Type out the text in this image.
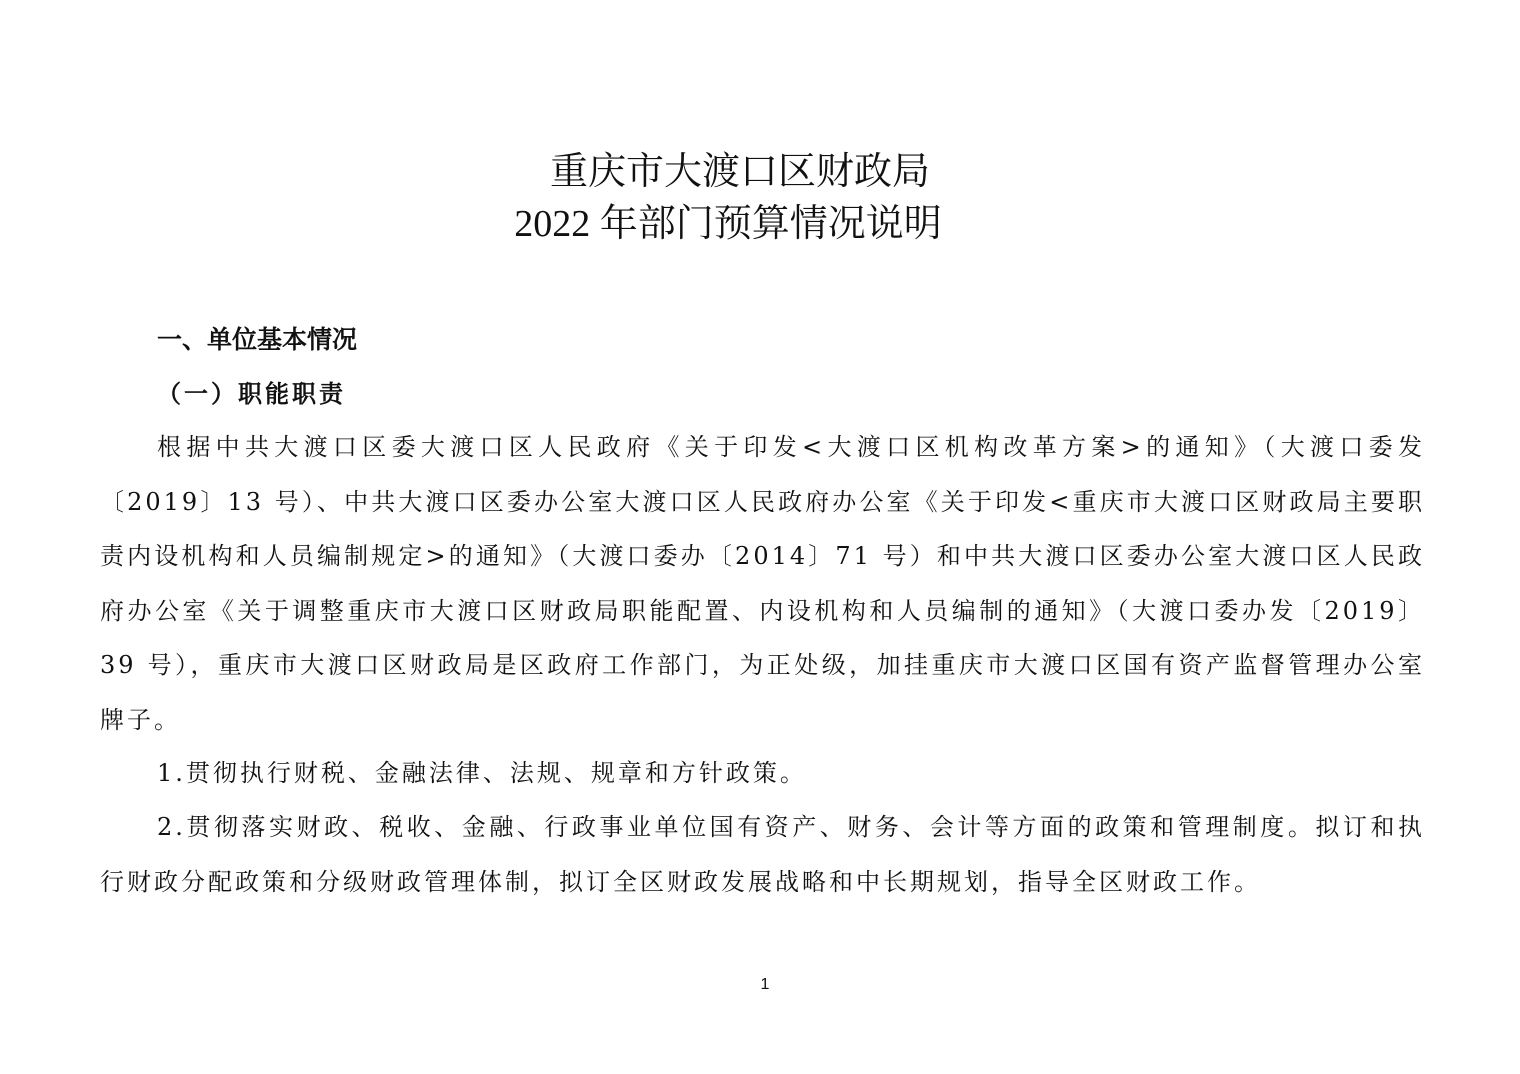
重庆市大渡口区财政局
2022 年部门预算情况说明
一、单位基本情况
（一）职能职责

根据中共大渡口区委大渡口区人民政府《关于印发<大渡口区机构改革方案>的通知》（大渡口委发〔2019〕13 号）、中共大渡口区委办公室大渡口区人民政府办公室《关于印发<重庆市大渡口区财政局主要职责内设机构和人员编制规定>的通知》（大渡口委办〔2014〕71 号）和中共大渡口区委办公室大渡口区人民政府办公室《关于调整重庆市大渡口区财政局职能配置、内设机构和人员编制的通知》（大渡口委办发〔2019〕39 号），重庆市大渡口区财政局是区政府工作部门，为正处级，加挂重庆市大渡口区国有资产监督管理办公室牌子。

1.贯彻执行财税、金融法律、法规、规章和方针政策。

2.贯彻落实财政、税收、金融、行政事业单位国有资产、财务、会计等方面的政策和管理制度。拟订和执行财政分配政策和分级财政管理体制，拟订全区财政发展战略和中长期规划，指导全区财政工作。

1
